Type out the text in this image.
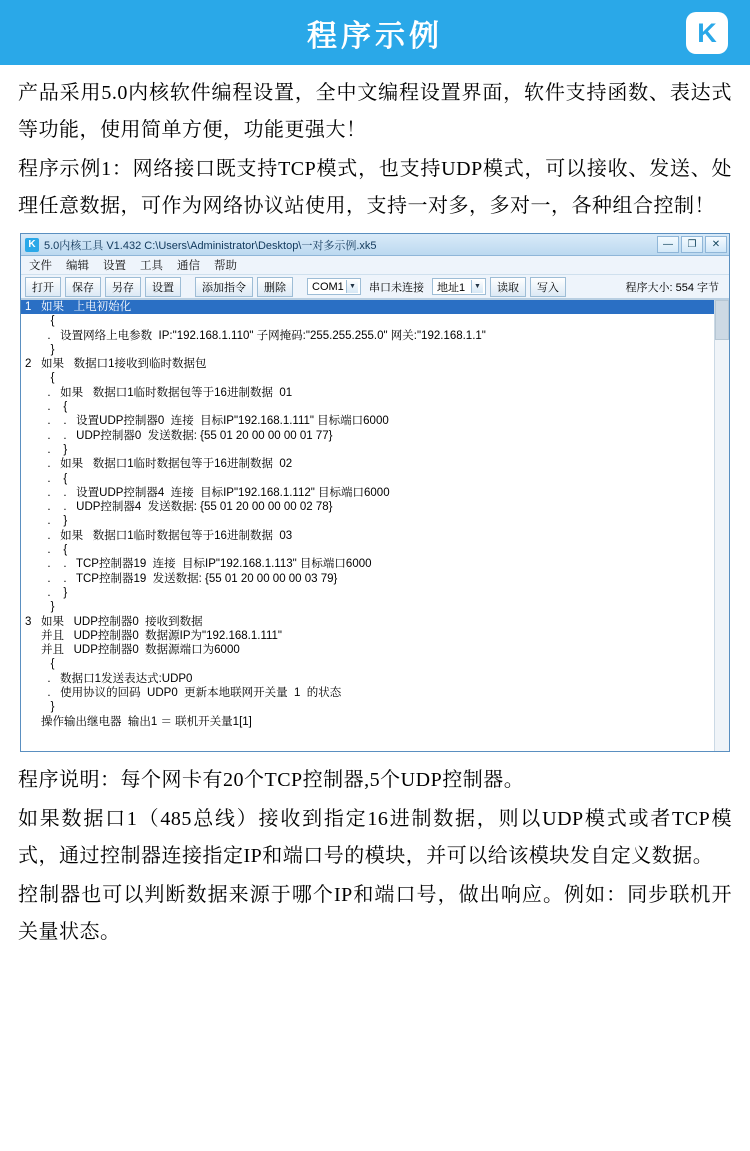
程序示例	K

产品采用5.0内核软件编程设置，全中文编程设置界面，软件支持函数、表达式等功能，使用简单方便，功能更强大！

程序示例1：网络接口既支持TCP模式，也支持UDP模式，可以接收、发送、处理任意数据，可作为网络协议站使用，支持一对多，多对一，各种组合控制！

K 5.0内核工具 V1.432 C:\Users\Administrator\Desktop\一对多示例.xk5	—	❐	✕
文件 编辑 设置 工具 通信 帮助
打开	保存	另存	设置	添加指令	删除	COM1 ▼	串口未连接	地址1	▼	读取	写入	程序大小: 554 字节
1 如果   上电初始化
{
.   设置网络上电参数  IP:"192.168.1.110" 子网掩码:"255.255.255.0" 网关:"192.168.1.1"
}
2 如果   数据口1接收到临时数据包
{
.   如果   数据口1临时数据包等于16进制数据  01
.    {
.    .   设置UDP控制器0  连接  目标IP"192.168.1.111" 目标端口6000
.    .   UDP控制器0  发送数据: {55 01 20 00 00 00 01 77}
.    }
.   如果   数据口1临时数据包等于16进制数据  02
.    {
.    .   设置UDP控制器4  连接  目标IP"192.168.1.112" 目标端口6000
.    .   UDP控制器4  发送数据: {55 01 20 00 00 00 02 78}
.    }
.   如果   数据口1临时数据包等于16进制数据  03
.    {
.    .   TCP控制器19  连接  目标IP"192.168.1.113" 目标端口6000
.    .   TCP控制器19  发送数据: {55 01 20 00 00 00 03 79}
.    }
}
3 如果   UDP控制器0  接收到数据
并且   UDP控制器0  数据源IP为"192.168.1.111"
并且   UDP控制器0  数据源端口为6000
{
.   数据口1发送表达式:UDP0
.   使用协议的回码  UDP0  更新本地联网开关量  1  的状态
}
操作输出继电器  输出1 ＝ 联机开关量1[1]

程序说明：每个网卡有20个TCP控制器,5个UDP控制器。

如果数据口1（485总线）接收到指定16进制数据，则以UDP模式或者TCP模式，通过控制器连接指定IP和端口号的模块，并可以给该模块发自定义数据。

控制器也可以判断数据来源于哪个IP和端口号，做出响应。例如：同步联机开关量状态。
